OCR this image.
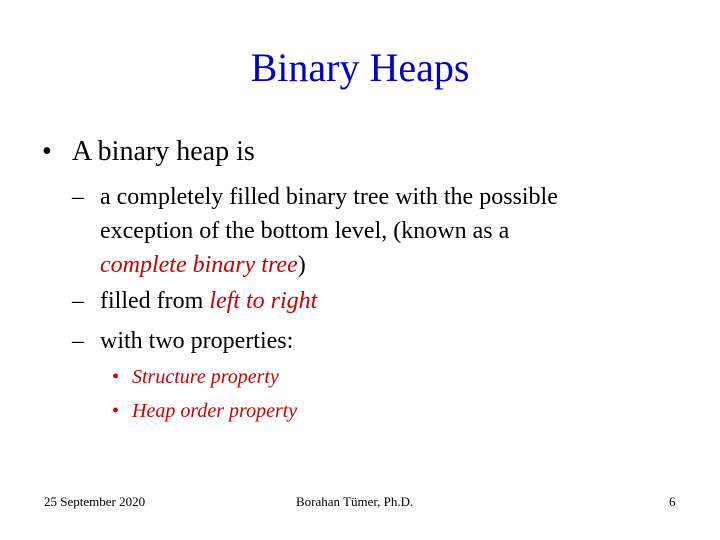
Binary Heaps
• A binary heap is
– a completely filled binary tree with the possible
exception of the bottom level, (known as a
complete binary tree)
– filled from left to right
– with two properties:
• Structure property
• Heap order property
25 September 2020	Borahan Tümer, Ph.D.	6
